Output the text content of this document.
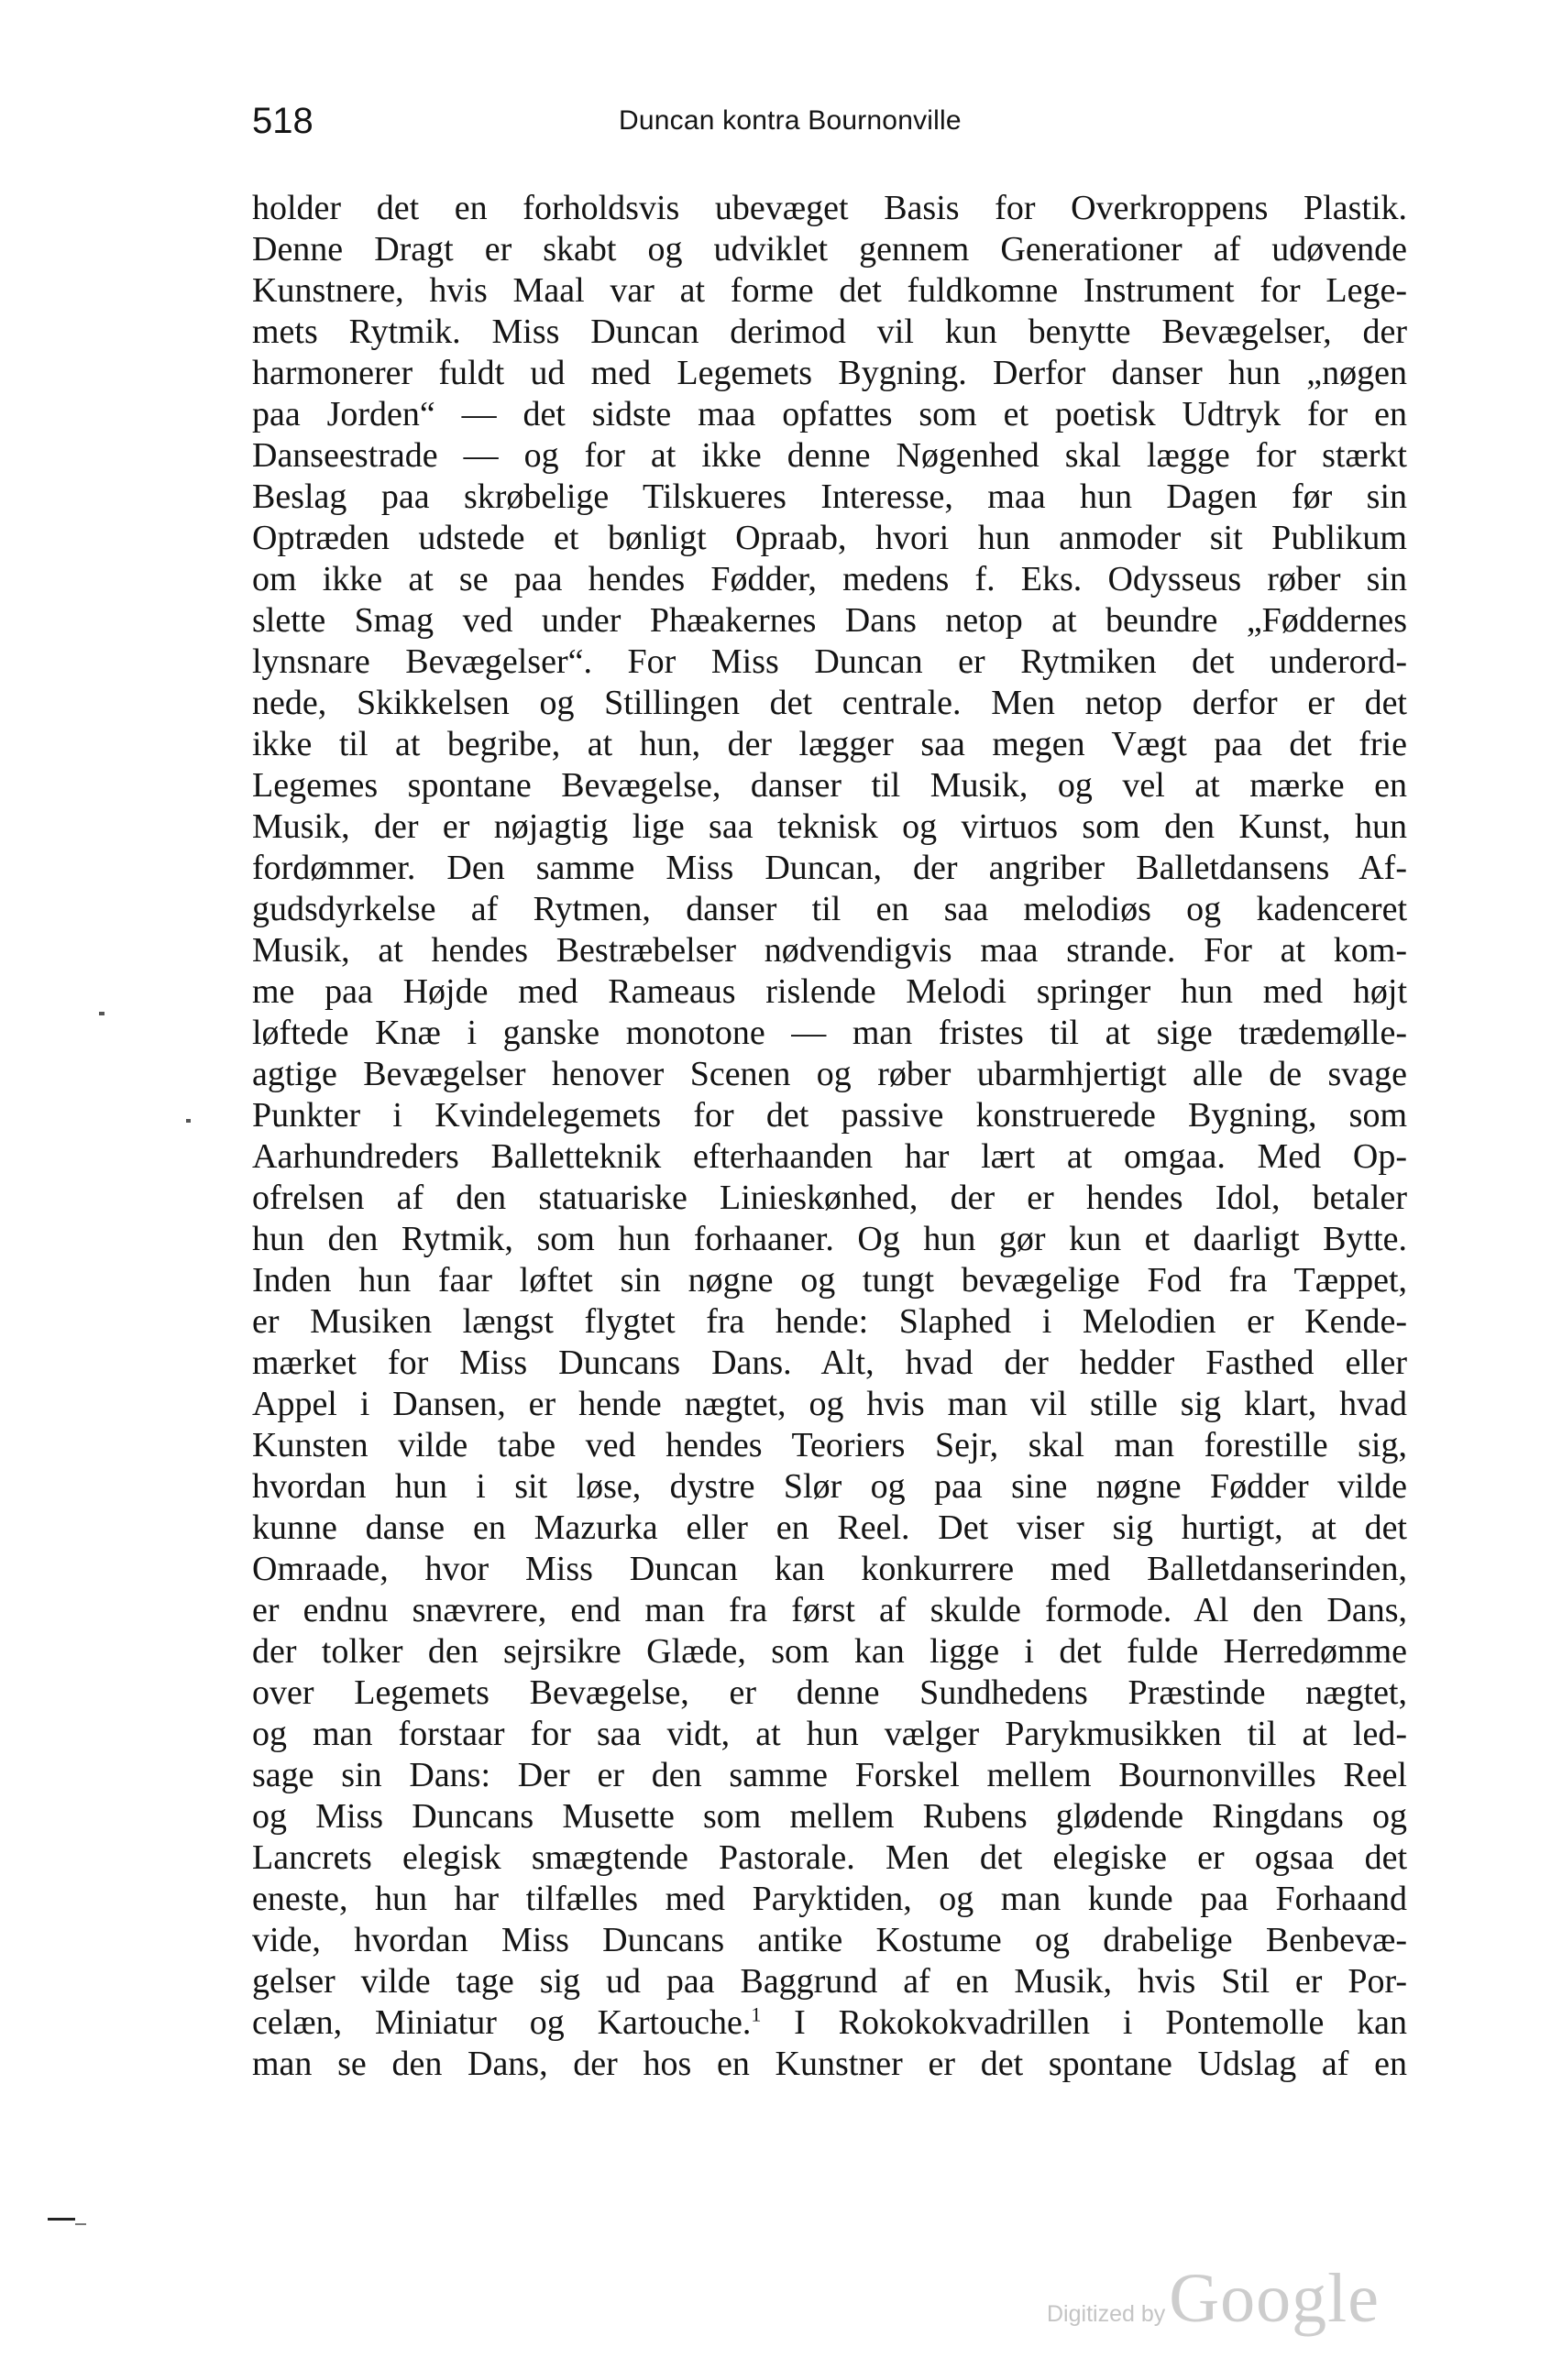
518	Duncan kontra Bournonville
holder det en forholdsvis ubevæget Basis for Overkroppens Plastik.
Denne Dragt er skabt og udviklet gennem Generationer af udøvende
Kunstnere, hvis Maal var at forme det fuldkomne Instrument for Lege-
mets Rytmik. Miss Duncan derimod vil kun benytte Bevægelser, der
harmonerer fuldt ud med Legemets Bygning. Derfor danser hun „nøgen
paa Jorden“ — det sidste maa opfattes som et poetisk Udtryk for en
Danseestrade — og for at ikke denne Nøgenhed skal lægge for stærkt
Beslag paa skrøbelige Tilskueres Interesse, maa hun Dagen før sin
Optræden udstede et bønligt Opraab, hvori hun anmoder sit Publikum
om ikke at se paa hendes Fødder, medens f. Eks. Odysseus røber sin
slette Smag ved under Phæakernes Dans netop at beundre „Føddernes
lynsnare Bevægelser“. For Miss Duncan er Rytmiken det underord-
nede, Skikkelsen og Stillingen det centrale. Men netop derfor er det
ikke til at begribe, at hun, der lægger saa megen Vægt paa det frie
Legemes spontane Bevægelse, danser til Musik, og vel at mærke en
Musik, der er nøjagtig lige saa teknisk og virtuos som den Kunst, hun
fordømmer. Den samme Miss Duncan, der angriber Balletdansens Af-
gudsdyrkelse af Rytmen, danser til en saa melodiøs og kadenceret
Musik, at hendes Bestræbelser nødvendigvis maa strande. For at kom-
me paa Højde med Rameaus rislende Melodi springer hun med højt
løftede Knæ i ganske monotone — man fristes til at sige trædemølle-
agtige Bevægelser henover Scenen og røber ubarmhjertigt alle de svage
Punkter i Kvindelegemets for det passive konstruerede Bygning, som
Aarhundreders Balletteknik efterhaanden har lært at omgaa. Med Op-
ofrelsen af den statuariske Linieskønhed, der er hendes Idol, betaler
hun den Rytmik, som hun forhaaner. Og hun gør kun et daarligt Bytte.
Inden hun faar løftet sin nøgne og tungt bevægelige Fod fra Tæppet,
er Musiken længst flygtet fra hende: Slaphed i Melodien er Kende-
mærket for Miss Duncans Dans. Alt, hvad der hedder Fasthed eller
Appel i Dansen, er hende nægtet, og hvis man vil stille sig klart, hvad
Kunsten vilde tabe ved hendes Teoriers Sejr, skal man forestille sig,
hvordan hun i sit løse, dystre Slør og paa sine nøgne Fødder vilde
kunne danse en Mazurka eller en Reel. Det viser sig hurtigt, at det
Omraade, hvor Miss Duncan kan konkurrere med Balletdanserinden,
er endnu snævrere, end man fra først af skulde formode. Al den Dans,
der tolker den sejrsikre Glæde, som kan ligge i det fulde Herredømme
over Legemets Bevægelse, er denne Sundhedens Præstinde nægtet,
og man forstaar for saa vidt, at hun vælger Parykmusikken til at led-
sage sin Dans: Der er den samme Forskel mellem Bournonvilles Reel
og Miss Duncans Musette som mellem Rubens glødende Ringdans og
Lancrets elegisk smægtende Pastorale. Men det elegiske er ogsaa det
eneste, hun har tilfælles med Paryktiden, og man kunde paa Forhaand
vide, hvordan Miss Duncans antike Kostume og drabelige Benbevæ-
gelser vilde tage sig ud paa Baggrund af en Musik, hvis Stil er Por-
celæn, Miniatur og Kartouche.$^1$ I Rokokokvadrillen i Pontemolle kan
man se den Dans, der hos en Kunstner er det spontane Udslag af en
Digitized by Google
